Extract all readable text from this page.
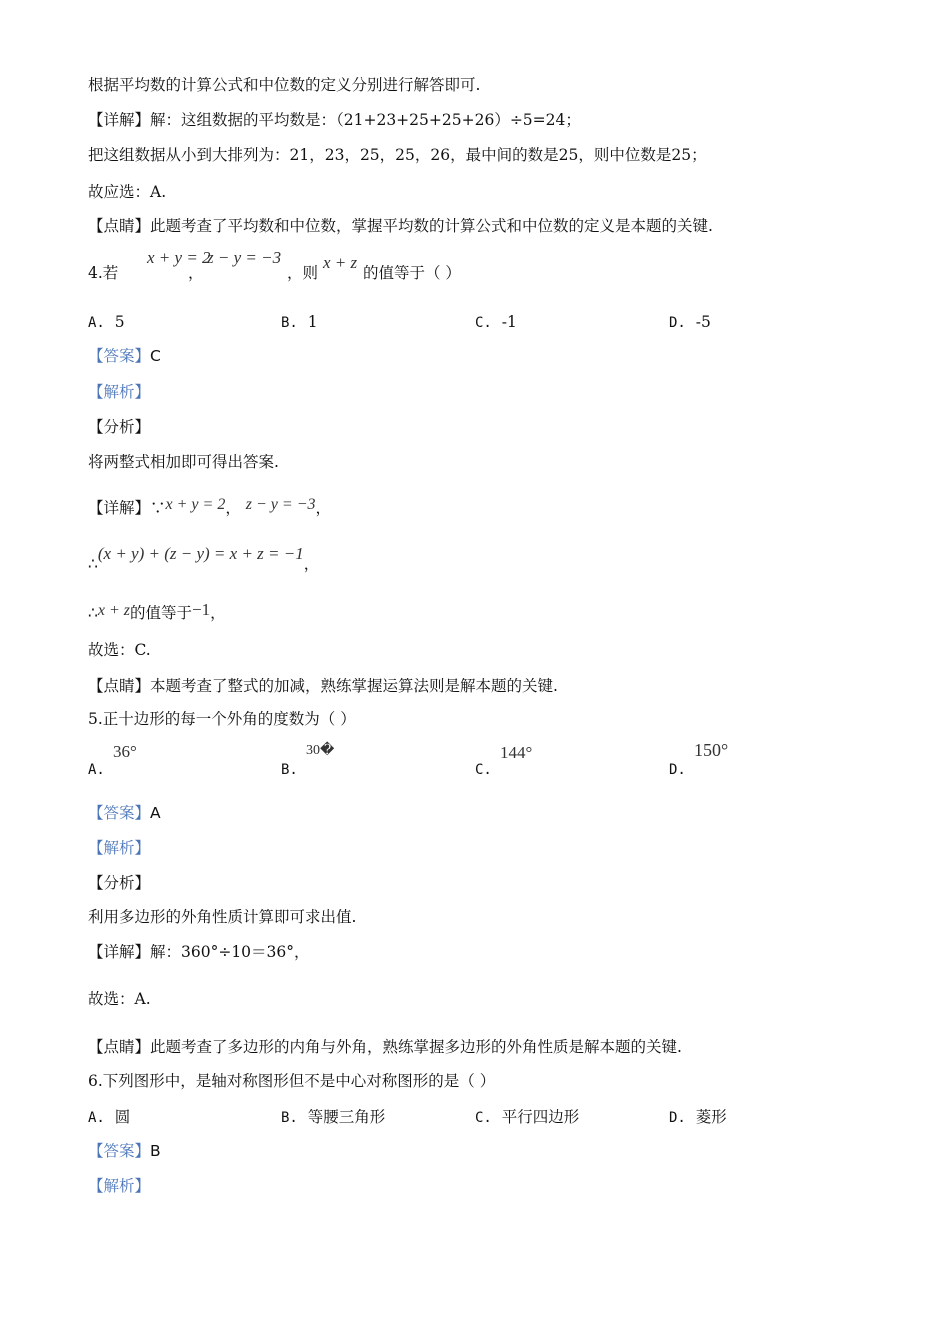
根据平均数的计算公式和中位数的定义分别进行解答即可.
【详解】解：这组数据的平均数是：（21+23+25+25+26）÷5=24；
把这组数据从小到大排列为：21，23，25，25，26，最中间的数是25，则中位数是25；
故应选：A.
【点睛】此题考查了平均数和中位数，掌握平均数的计算公式和中位数的定义是本题的关键.
4.若
x + y = 2
，
z − y = −3
，则
x + z
的值等于（ ）
A. 5	B. 1	C. -1	D. -5
【答案】C
【解析】
【分析】
将两整式相加即可得出答案.
【详解】∵x + y = 2， z − y = −3，
∴(x + y) + (z − y) = x + z = −1，
∴x + z的值等于−1，
故选：C.
【点睛】本题考查了整式的加减，熟练掌握运算法则是解本题的关键.
5.正十边形的每一个外角的度数为（ ）
A.
36°
B.
30�
C.
144°
D.
150°
【答案】A
【解析】
【分析】
利用多边形的外角性质计算即可求出值.
【详解】解：360°÷10＝36°，
故选：A.
【点睛】此题考查了多边形的内角与外角，熟练掌握多边形的外角性质是解本题的关键.
6.下列图形中，是轴对称图形但不是中心对称图形的是（ ）
A. 圆	B. 等腰三角形	C. 平行四边形	D. 菱形
【答案】B
【解析】
